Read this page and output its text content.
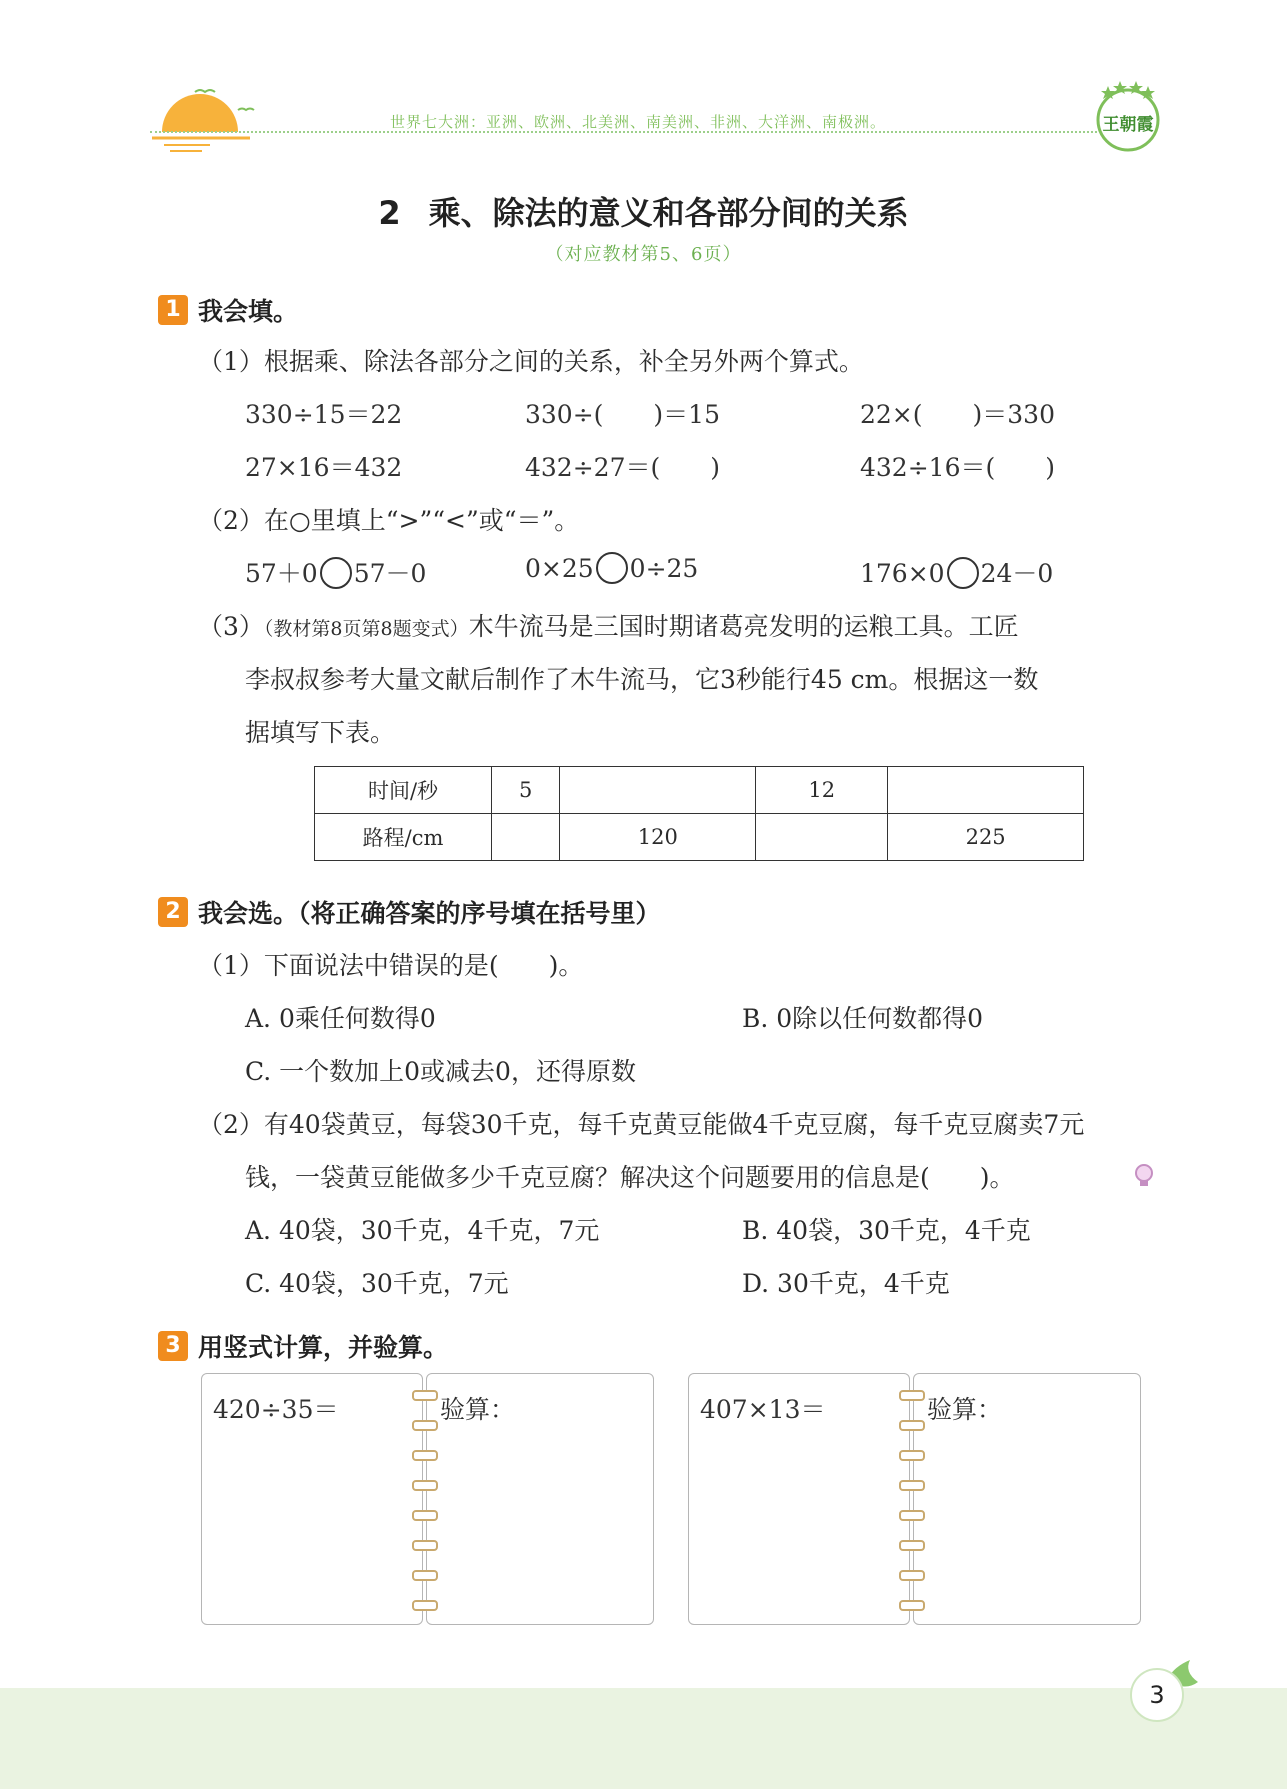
世界七大洲：亚洲、欧洲、北美洲、南美洲、非洲、大洋洲、南极洲。	王朝霞
2 乘、除法的意义和各部分间的关系
（对应教材第5、6页）
1 我会填。
（1）根据乘、除法各部分之间的关系，补全另外两个算式。
330÷15＝22	330÷(　　)＝15	22×(　　)＝330
27×16＝432	432÷27＝(　　)	432÷16＝(　　)
（2）在○里填上“>”“<”或“＝”。
57＋0 57－0	0×25 0÷25	176×0 24－0
（3）（教材第8页第8题变式）木牛流马是三国时期诸葛亮发明的运粮工具。工匠
李叔叔参考大量文献后制作了木牛流马，它3秒能行45 cm。根据这一数
据填写下表。
时间/秒	5		12	
路程/cm		120		225
2 我会选。（将正确答案的序号填在括号里）
（1）下面说法中错误的是(　　)。
A. 0乘任何数得0	B. 0除以任何数都得0
C. 一个数加上0或减去0，还得原数
（2）有40袋黄豆，每袋30千克，每千克黄豆能做4千克豆腐，每千克豆腐卖7元
钱，一袋黄豆能做多少千克豆腐？解决这个问题要用的信息是(　　)。
A. 40袋，30千克，4千克，7元	B. 40袋，30千克，4千克
C. 40袋，30千克，7元	D. 30千克，4千克
3 用竖式计算，并验算。
420÷35＝	验算：	407×13＝	验算：
3
